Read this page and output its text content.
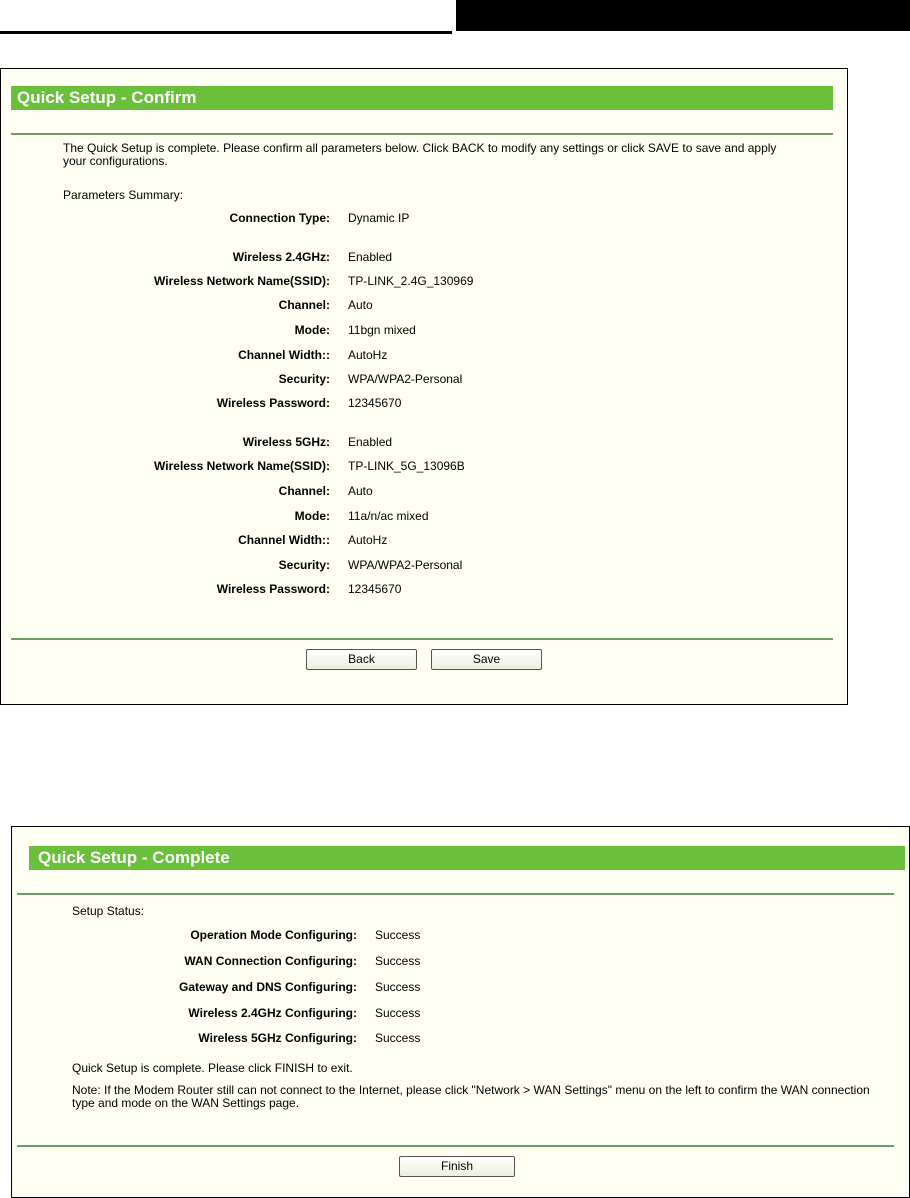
Quick Setup - Confirm
The Quick Setup is complete. Please confirm all parameters below. Click BACK to modify any settings or click SAVE to save and apply your configurations.
Parameters Summary:
Connection Type: Dynamic IP
Wireless 2.4GHz: Enabled
Wireless Network Name(SSID): TP-LINK_2.4G_130969
Channel: Auto
Mode: 11bgn mixed
Channel Width:: AutoHz
Security: WPA/WPA2-Personal
Wireless Password: 12345670
Wireless 5GHz: Enabled
Wireless Network Name(SSID): TP-LINK_5G_13096B
Channel: Auto
Mode: 11a/n/ac mixed
Channel Width:: AutoHz
Security: WPA/WPA2-Personal
Wireless Password: 12345670
Back	Save
Quick Setup - Complete
Setup Status:
Operation Mode Configuring: Success
WAN Connection Configuring: Success
Gateway and DNS Configuring: Success
Wireless 2.4GHz Configuring: Success
Wireless 5GHz Configuring: Success
Quick Setup is complete. Please click FINISH to exit.
Note: If the Modem Router still can not connect to the Internet, please click "Network > WAN Settings" menu on the left to confirm the WAN connection type and mode on the WAN Settings page.
Finish
